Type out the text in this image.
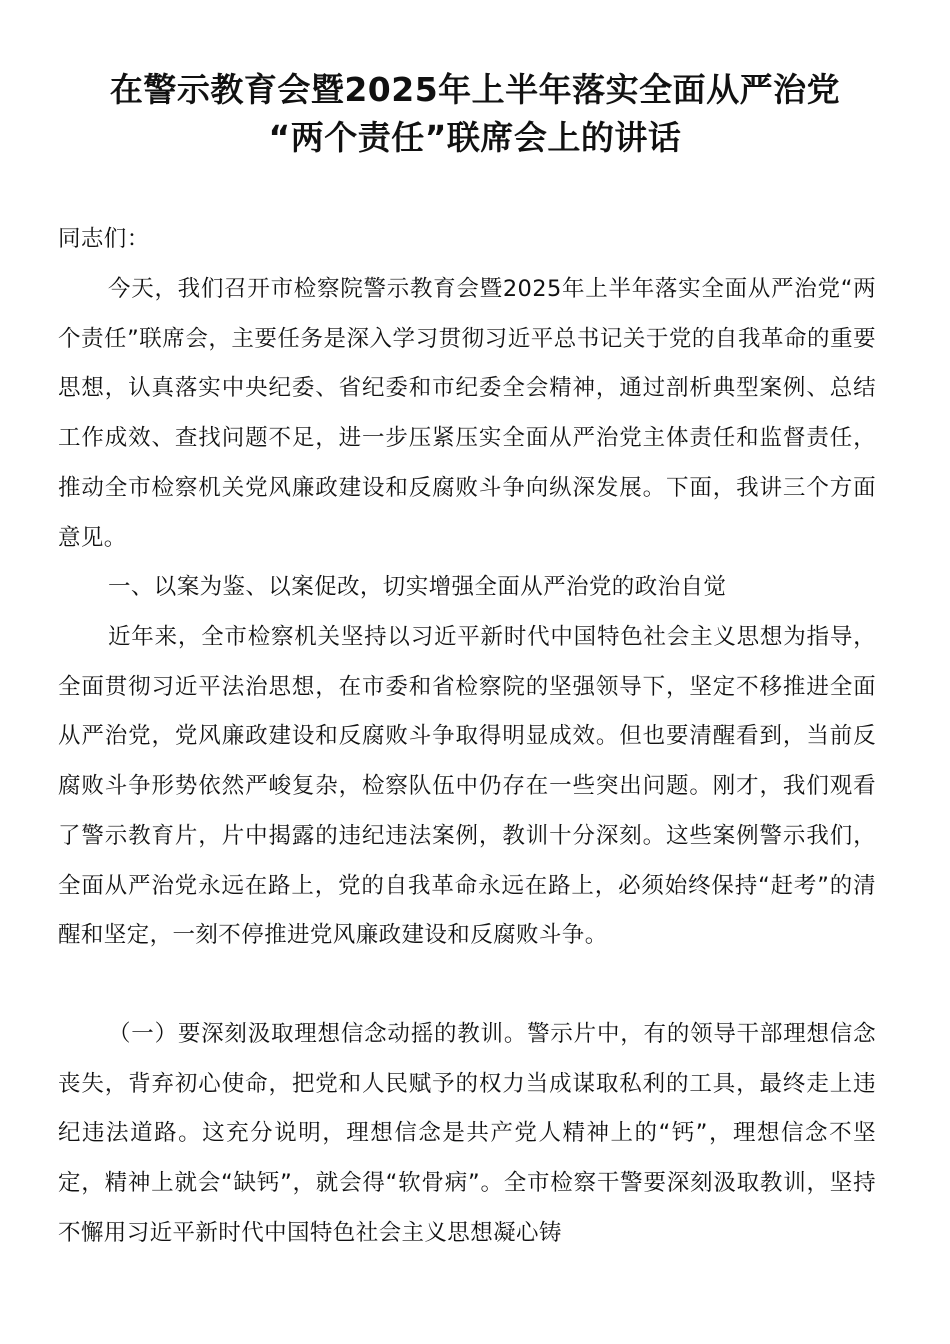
在警示教育会暨2025年上半年落实全面从严治党
“两个责任”联席会上的讲话

同志们：

今天，我们召开市检察院警示教育会暨2025年上半年落实全面从严治党“两个责任”联席会，主要任务是深入学习贯彻习近平总书记关于党的自我革命的重要思想，认真落实中央纪委、省纪委和市纪委全会精神，通过剖析典型案例、总结工作成效、查找问题不足，进一步压紧压实全面从严治党主体责任和监督责任，推动全市检察机关党风廉政建设和反腐败斗争向纵深发展。下面，我讲三个方面意见。

一、以案为鉴、以案促改，切实增强全面从严治党的政治自觉

近年来，全市检察机关坚持以习近平新时代中国特色社会主义思想为指导，全面贯彻习近平法治思想，在市委和省检察院的坚强领导下，坚定不移推进全面从严治党，党风廉政建设和反腐败斗争取得明显成效。但也要清醒看到，当前反腐败斗争形势依然严峻复杂，检察队伍中仍存在一些突出问题。刚才，我们观看了警示教育片，片中揭露的违纪违法案例，教训十分深刻。这些案例警示我们，全面从严治党永远在路上，党的自我革命永远在路上，必须始终保持“赶考”的清醒和坚定，一刻不停推进党风廉政建设和反腐败斗争。

（一）要深刻汲取理想信念动摇的教训。警示片中，有的领导干部理想信念丧失，背弃初心使命，把党和人民赋予的权力当成谋取私利的工具，最终走上违纪违法道路。这充分说明，理想信念是共产党人精神上的“钙”，理想信念不坚定，精神上就会“缺钙”，就会得“软骨病”。全市检察干警要深刻汲取教训，坚持不懈用习近平新时代中国特色社会主义思想凝心铸
